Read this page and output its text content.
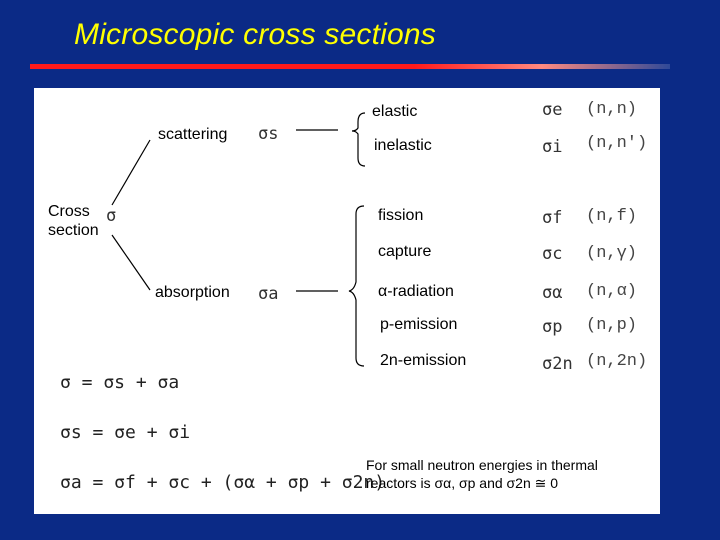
Microscopic cross sections
Cross
section
σ
scattering σs
absorption σa
elastic	σe (n,n)
inelastic	σi (n,n')
fission	σf (n,f)
capture	σc (n,γ)
α-radiation	σα (n,α)
p-emission	σp (n,p)
2n-emission	σ2n (n,2n)
σ = σs + σa
σs = σe + σi
σa = σf + σc + (σα + σp + σ2n)
For small neutron energies in thermal
reactors is σα, σp and σ2n ≅ 0
